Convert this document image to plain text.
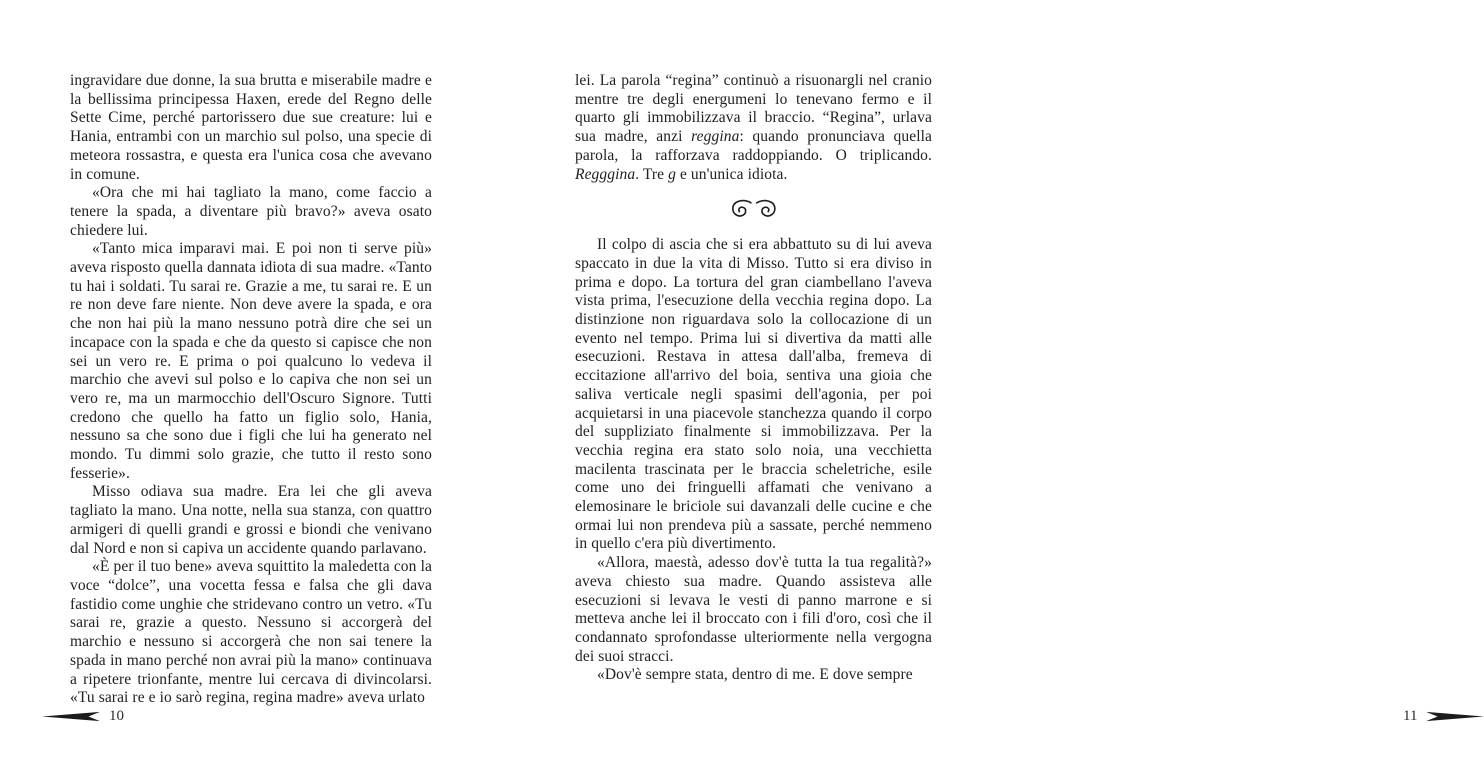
ingravidare due donne, la sua brutta e miserabile madre e la bellissima principessa Haxen, erede del Regno delle Sette Cime, perché partorissero due sue creature: lui e Hania, entrambi con un marchio sul polso, una specie di meteora rossastra, e questa era l'unica cosa che avevano in comune.

«Ora che mi hai tagliato la mano, come faccio a tenere la spada, a diventare più bravo?» aveva osato chiedere lui.

«Tanto mica imparavi mai. E poi non ti serve più» aveva risposto quella dannata idiota di sua madre. «Tanto tu hai i soldati. Tu sarai re. Grazie a me, tu sarai re. E un re non deve fare niente. Non deve avere la spada, e ora che non hai più la mano nessuno potrà dire che sei un incapace con la spada e che da questo si capisce che non sei un vero re. E prima o poi qualcuno lo vedeva il marchio che avevi sul polso e lo capiva che non sei un vero re, ma un marmocchio dell'Oscuro Signore. Tutti credono che quello ha fatto un figlio solo, Hania, nessuno sa che sono due i figli che lui ha generato nel mondo. Tu dimmi solo grazie, che tutto il resto sono fesserie».

Misso odiava sua madre. Era lei che gli aveva tagliato la mano. Una notte, nella sua stanza, con quattro armigeri di quelli grandi e grossi e biondi che venivano dal Nord e non si capiva un accidente quando parlavano.

«È per il tuo bene» aveva squittito la maledetta con la voce “dolce”, una vocetta fessa e falsa che gli dava fastidio come unghie che stridevano contro un vetro. «Tu sarai re, grazie a questo. Nessuno si accorgerà del marchio e nessuno si accorgerà che non sai tenere la spada in mano perché non avrai più la mano» continuava a ripetere trionfante, mentre lui cercava di divincolarsi. «Tu sarai re e io sarò regina, regina madre» aveva urlato

10

lei. La parola “regina” continuò a risuonargli nel cranio mentre tre degli energumeni lo tenevano fermo e il quarto gli immobilizzava il braccio. “Regina”, urlava sua madre, anzi reggina: quando pronunciava quella parola, la rafforzava raddoppiando. O triplicando. Regggina. Tre g e un'unica idiota.

Il colpo di ascia che si era abbattuto su di lui aveva spaccato in due la vita di Misso. Tutto si era diviso in prima e dopo. La tortura del gran ciambellano l'aveva vista prima, l'esecuzione della vecchia regina dopo. La distinzione non riguardava solo la collocazione di un evento nel tempo. Prima lui si divertiva da matti alle esecuzioni. Restava in attesa dall'alba, fremeva di eccitazione all'arrivo del boia, sentiva una gioia che saliva verticale negli spasimi dell'agonia, per poi acquietarsi in una piacevole stanchezza quando il corpo del suppliziato finalmente si immobilizzava. Per la vecchia regina era stato solo noia, una vecchietta macilenta trascinata per le braccia scheletriche, esile come uno dei fringuelli affamati che venivano a elemosinare le briciole sui davanzali delle cucine e che ormai lui non prendeva più a sassate, perché nemmeno in quello c'era più divertimento.

«Allora, maestà, adesso dov'è tutta la tua regalità?» aveva chiesto sua madre. Quando assisteva alle esecuzioni si levava le vesti di panno marrone e si metteva anche lei il broccato con i fili d'oro, così che il condannato sprofondasse ulteriormente nella vergogna dei suoi stracci.

«Dov'è sempre stata, dentro di me. E dove sempre

11
